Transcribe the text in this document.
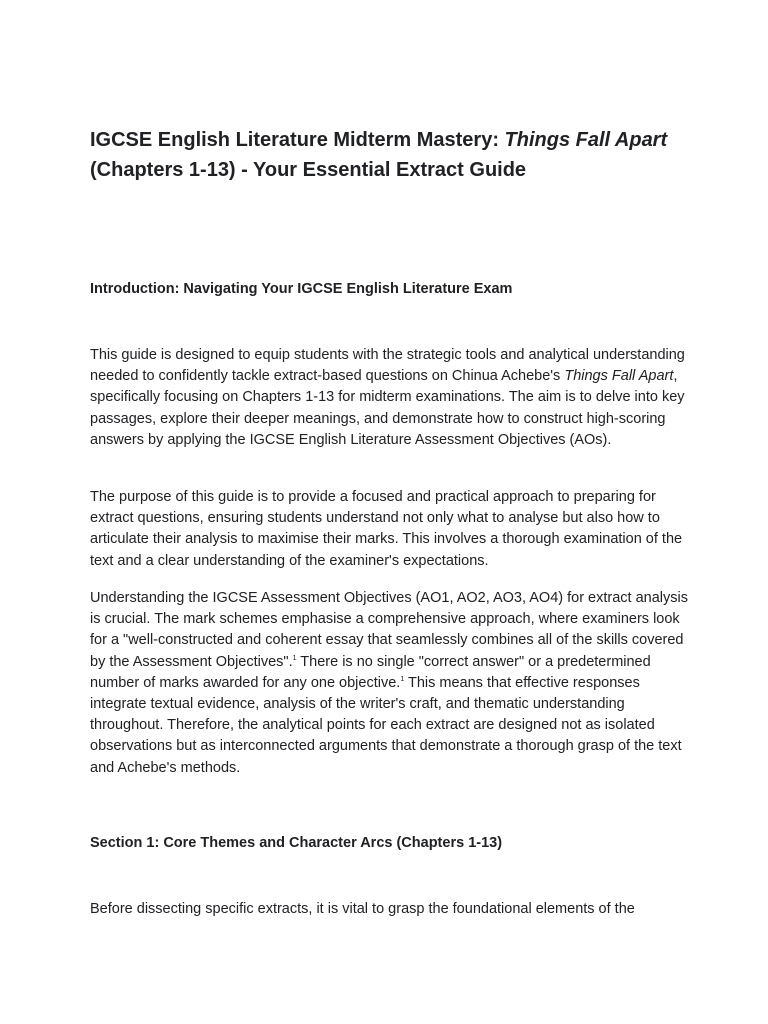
IGCSE English Literature Midterm Mastery: Things Fall Apart (Chapters 1-13) - Your Essential Extract Guide
Introduction: Navigating Your IGCSE English Literature Exam

This guide is designed to equip students with the strategic tools and analytical understanding needed to confidently tackle extract-based questions on Chinua Achebe's Things Fall Apart, specifically focusing on Chapters 1-13 for midterm examinations. The aim is to delve into key passages, explore their deeper meanings, and demonstrate how to construct high-scoring answers by applying the IGCSE English Literature Assessment Objectives (AOs).

The purpose of this guide is to provide a focused and practical approach to preparing for extract questions, ensuring students understand not only what to analyse but also how to articulate their analysis to maximise their marks. This involves a thorough examination of the text and a clear understanding of the examiner's expectations.

Understanding the IGCSE Assessment Objectives (AO1, AO2, AO3, AO4) for extract analysis is crucial. The mark schemes emphasise a comprehensive approach, where examiners look for a "well-constructed and coherent essay that seamlessly combines all of the skills covered by the Assessment Objectives".$^1$ There is no single "correct answer" or a predetermined number of marks awarded for any one objective.$^1$ This means that effective responses integrate textual evidence, analysis of the writer's craft, and thematic understanding throughout. Therefore, the analytical points for each extract are designed not as isolated observations but as interconnected arguments that demonstrate a thorough grasp of the text and Achebe's methods.

Section 1: Core Themes and Character Arcs (Chapters 1-13)

Before dissecting specific extracts, it is vital to grasp the foundational elements of the
